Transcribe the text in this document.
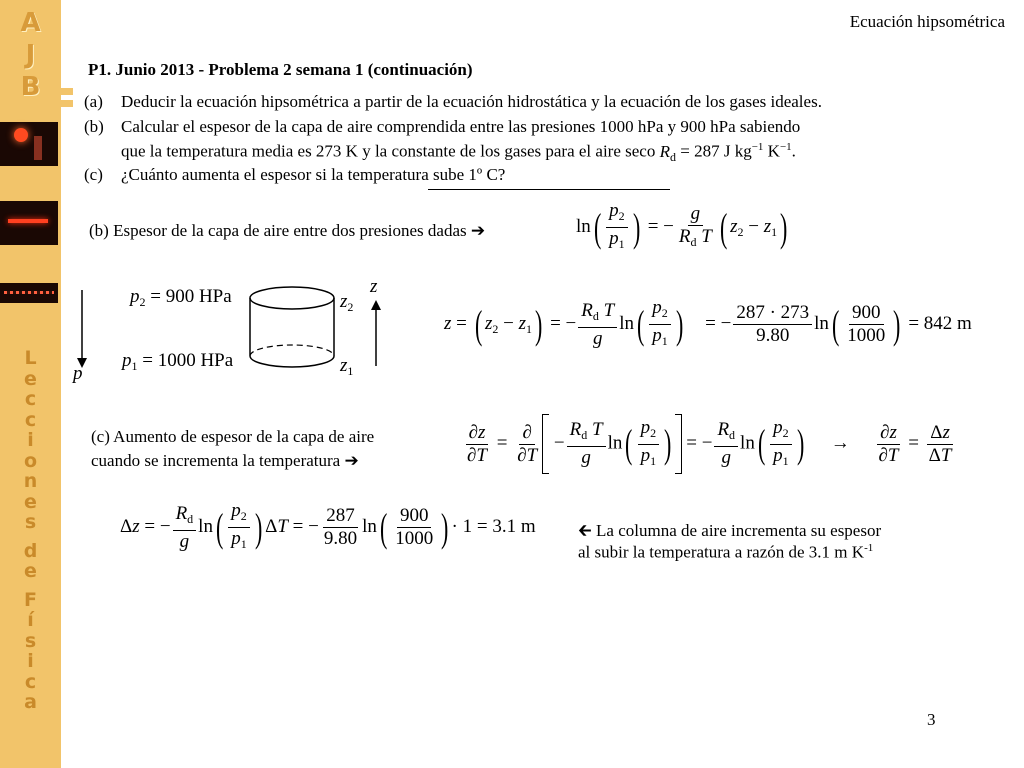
A
J
B
L
e
c
c
i
o
n
e
s
d
e
F
í
s
i
c
a
Ecuación hipsométrica
3
P1. Junio 2013 - Problema 2 semana 1 (continuación)
(a) Deducir la ecuación hipsométrica a partir de la ecuación hidrostática y la ecuación de los gases ideales.
(b) Calcular el espesor de la capa de aire comprendida entre las presiones 1000 hPa y 900 hPa sabiendo
que la temperatura media es 273 K y la constante de los gases para el aire seco $R_d = 287$ J $kg^{-1}$ $K^{-1}$.
(c) ¿Cuánto aumenta el espesor si la temperatura sube 1º C?
(b) Espesor de la capa de aire entre dos presiones dadas ➔	$\ln( \frac{p_2}{p_1}$ ) = − $\frac{g}{R_d T}$ ( $z_2 - z_1$)
$p_2 = 900$ HPa
$p_1 = 1000$ HPa
p
z
$z_2$
$z_1$
z = ( $z_2 - z_1$) = − $\frac{R_d T}{g} \ln( \frac{p_2}{p_1}$ )    = − $\frac{287 \cdot 273}{9.80} \ln( \frac{900}{1000}$ ) = 842 m
(c) Aumento de espesor de la capa de aire
cuando se incrementa la temperatura ➔	$\frac{\partial z}{\partial T} = \frac{\partial}{\partial T} - \frac{R_d T}{g} \ln( \frac{p_2}{p_1}$ ) = − $\frac{R_d}{g} \ln( \frac{p_2}{p_1}$ ) → $\frac{\partial z}{\partial T} = \frac{\Delta z}{\Delta T}$
Δz = − $\frac{R_d}{g} \ln( \frac{p_2}{p_1}$ ) ΔT = − $\frac{287}{9.80} \ln( \frac{900}{1000}$ ) · 1 = 3.1 m 🡰 La columna de aire incrementa su espesor
al subir la temperatura a razón de 3.1 m $K^{-1}$
